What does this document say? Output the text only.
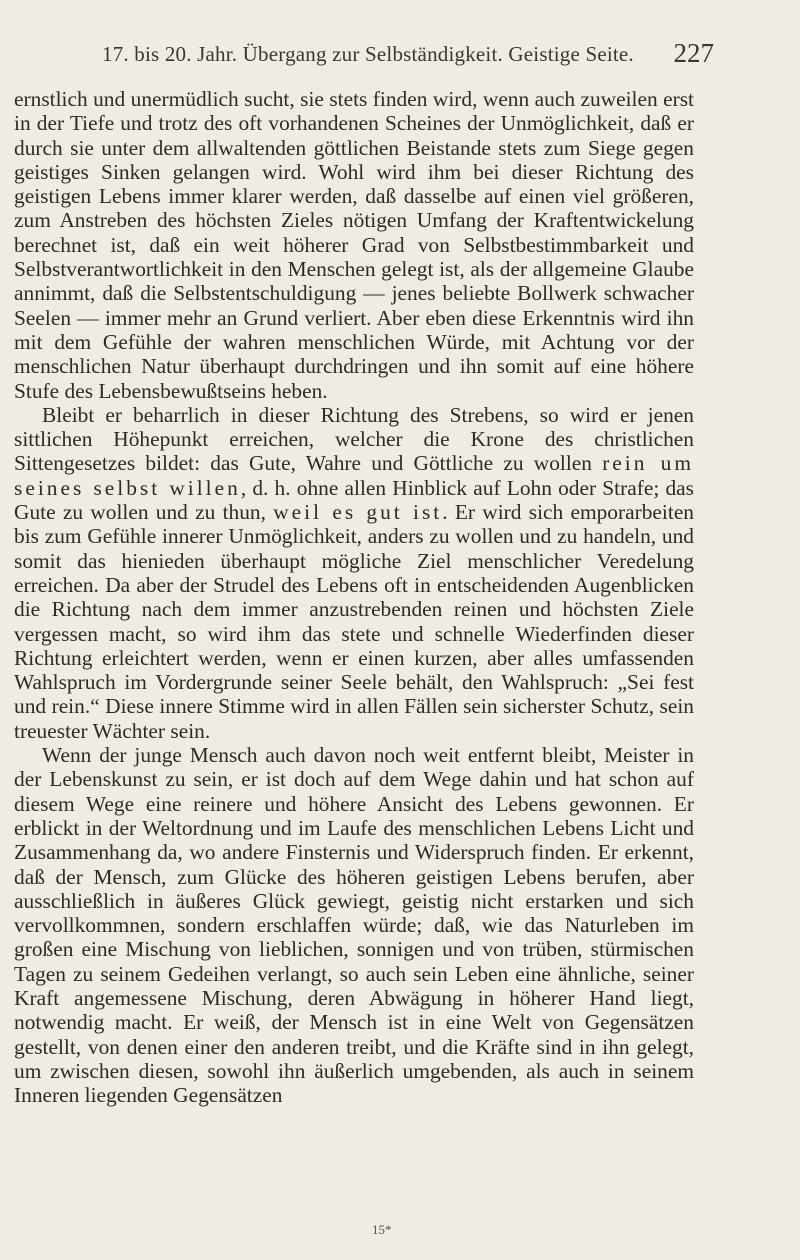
17. bis 20. Jahr. Übergang zur Selbständigkeit. Geistige Seite. 227

ernstlich und unermüdlich sucht, sie stets finden wird, wenn auch zuweilen erst in der Tiefe und trotz des oft vorhandenen Scheines der Unmöglichkeit, daß er durch sie unter dem allwaltenden göttlichen Beistande stets zum Siege gegen geistiges Sinken gelangen wird. Wohl wird ihm bei dieser Richtung des geistigen Lebens immer klarer werden, daß dasselbe auf einen viel größeren, zum Anstreben des höchsten Zieles nötigen Umfang der Kraftentwickelung berechnet ist, daß ein weit höherer Grad von Selbstbestimmbarkeit und Selbstverantwortlichkeit in den Menschen gelegt ist, als der allgemeine Glaube annimmt, daß die Selbstentschuldigung — jenes beliebte Bollwerk schwacher Seelen — immer mehr an Grund verliert. Aber eben diese Erkenntnis wird ihn mit dem Gefühle der wahren menschlichen Würde, mit Achtung vor der menschlichen Natur überhaupt durchdringen und ihn somit auf eine höhere Stufe des Lebensbewußtseins heben.

Bleibt er beharrlich in dieser Richtung des Strebens, so wird er jenen sittlichen Höhepunkt erreichen, welcher die Krone des christlichen Sittengesetzes bildet: das Gute, Wahre und Göttliche zu wollen rein um seines selbst willen, d. h. ohne allen Hinblick auf Lohn oder Strafe; das Gute zu wollen und zu thun, weil es gut ist. Er wird sich emporarbeiten bis zum Gefühle innerer Unmöglichkeit, anders zu wollen und zu handeln, und somit das hienieden überhaupt mögliche Ziel menschlicher Veredelung erreichen. Da aber der Strudel des Lebens oft in entscheidenden Augenblicken die Richtung nach dem immer anzustrebenden reinen und höchsten Ziele vergessen macht, so wird ihm das stete und schnelle Wiederfinden dieser Richtung erleichtert werden, wenn er einen kurzen, aber alles umfassenden Wahlspruch im Vordergrunde seiner Seele behält, den Wahlspruch: „Sei fest und rein.“ Diese innere Stimme wird in allen Fällen sein sicherster Schutz, sein treuester Wächter sein.

Wenn der junge Mensch auch davon noch weit entfernt bleibt, Meister in der Lebenskunst zu sein, er ist doch auf dem Wege dahin und hat schon auf diesem Wege eine reinere und höhere Ansicht des Lebens gewonnen. Er erblickt in der Weltordnung und im Laufe des menschlichen Lebens Licht und Zusammenhang da, wo andere Finsternis und Widerspruch finden. Er erkennt, daß der Mensch, zum Glücke des höheren geistigen Lebens berufen, aber ausschließlich in äußeres Glück gewiegt, geistig nicht erstarken und sich vervollkommnen, sondern erschlaffen würde; daß, wie das Naturleben im großen eine Mischung von lieblichen, sonnigen und von trüben, stürmischen Tagen zu seinem Gedeihen verlangt, so auch sein Leben eine ähnliche, seiner Kraft angemessene Mischung, deren Abwägung in höherer Hand liegt, notwendig macht. Er weiß, der Mensch ist in eine Welt von Gegensätzen gestellt, von denen einer den anderen treibt, und die Kräfte sind in ihn gelegt, um zwischen diesen, sowohl ihn äußerlich umgebenden, als auch in seinem Inneren liegenden Gegensätzen

15*
